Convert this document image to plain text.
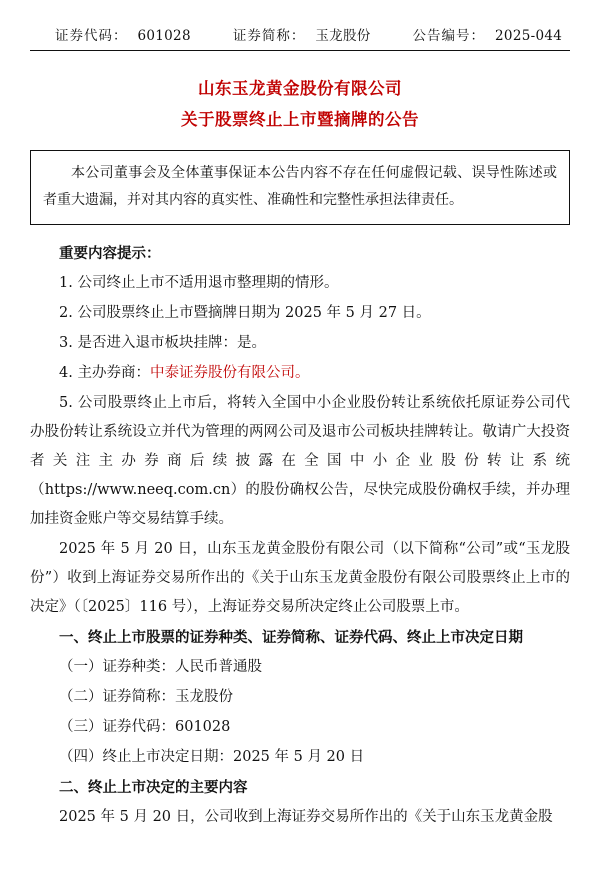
证券代码： 601028	证券简称： 玉龙股份	公告编号： 2025-044
山东玉龙黄金股份有限公司
关于股票终止上市暨摘牌的公告

本公司董事会及全体董事保证本公告内容不存在任何虚假记载、误导性陈述或者重大遗漏，并对其内容的真实性、准确性和完整性承担法律责任。

重要内容提示：

1. 公司终止上市不适用退市整理期的情形。

2. 公司股票终止上市暨摘牌日期为 2025 年 5 月 27 日。

3. 是否进入退市板块挂牌：是。

4. 主办券商：中泰证券股份有限公司。

5. 公司股票终止上市后，将转入全国中小企业股份转让系统依托原证券公司代办股份转让系统设立并代为管理的两网公司及退市公司板块挂牌转让。敬请广大投资者关注主办券商后续披露在全国中小企业股份转让系统（https://www.neeq.com.cn）的股份确权公告，尽快完成股份确权手续，并办理加挂资金账户等交易结算手续。

2025 年 5 月 20 日，山东玉龙黄金股份有限公司（以下简称“公司”或“玉龙股份”）收到上海证券交易所作出的《关于山东玉龙黄金股份有限公司股票终止上市的决定》（〔2025〕116 号），上海证券交易所决定终止公司股票上市。

一、终止上市股票的证券种类、证券简称、证券代码、终止上市决定日期

（一）证券种类：人民币普通股

（二）证券简称：玉龙股份

（三）证券代码：601028

（四）终止上市决定日期：2025 年 5 月 20 日

二、终止上市决定的主要内容

2025 年 5 月 20 日，公司收到上海证券交易所作出的《关于山东玉龙黄金股
